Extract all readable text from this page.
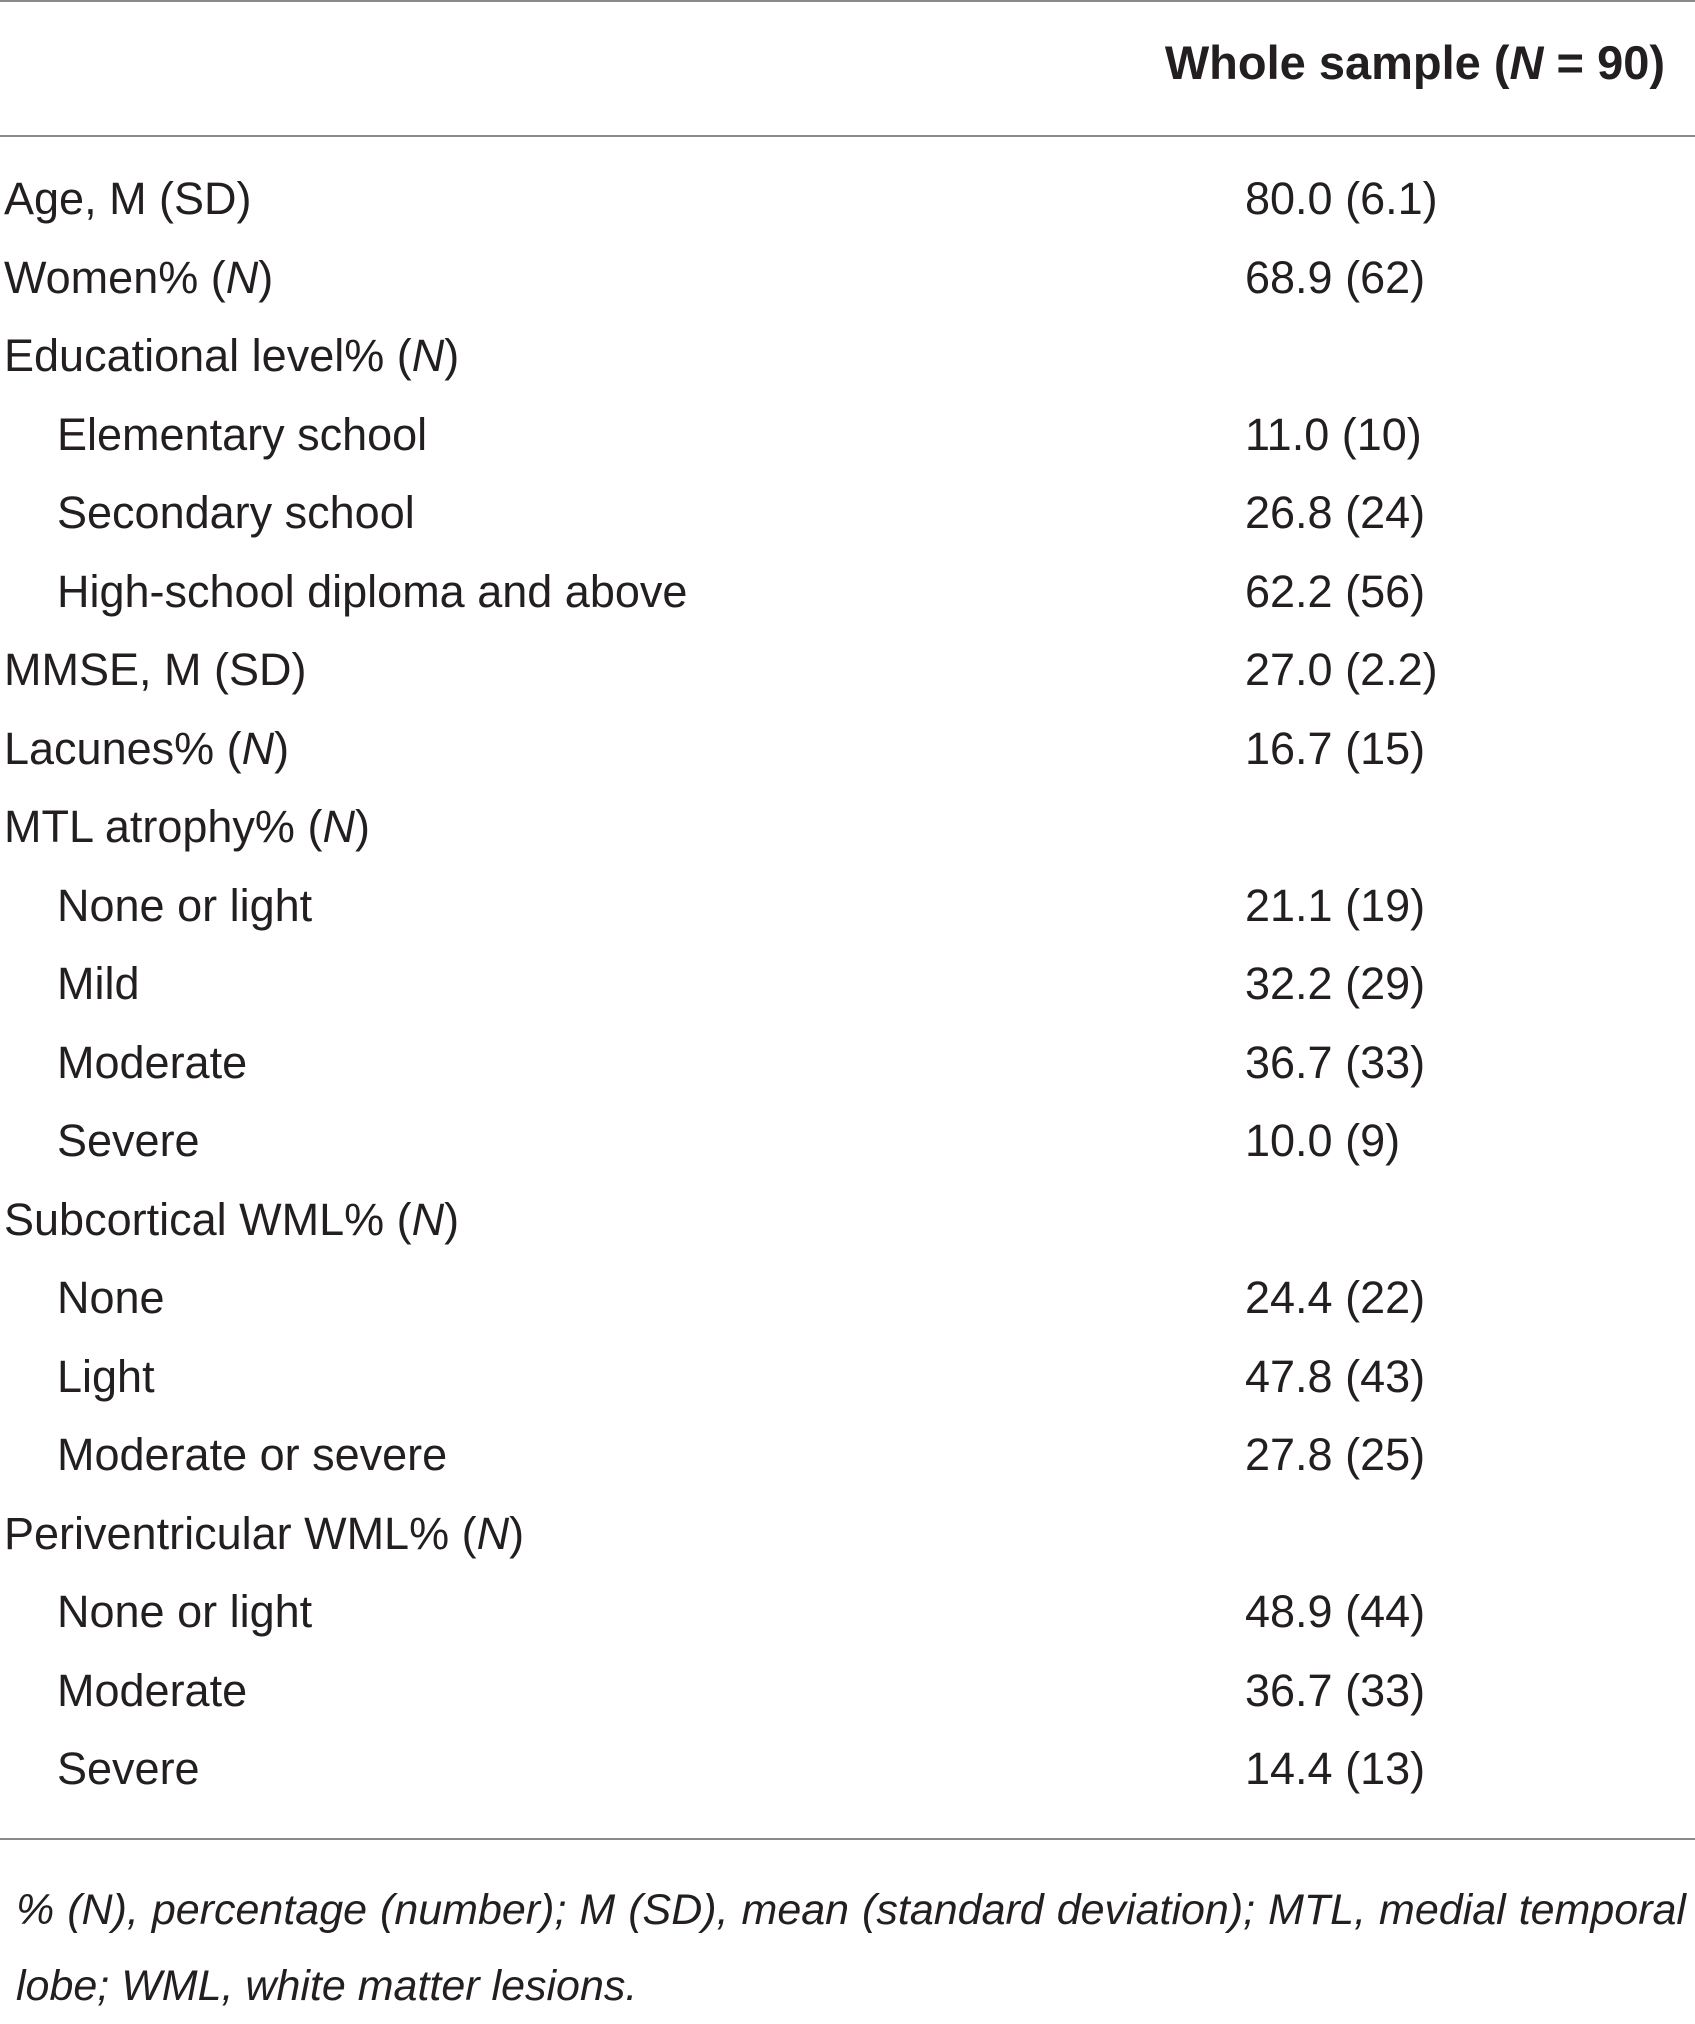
Whole sample (N = 90)
Age, M (SD)	80.0 (6.1)
Women% (N)	68.9 (62)
Educational level% (N)
Elementary school	11.0 (10)
Secondary school	26.8 (24)
High-school diploma and above	62.2 (56)
MMSE, M (SD)	27.0 (2.2)
Lacunes% (N)	16.7 (15)
MTL atrophy% (N)
None or light	21.1 (19)
Mild	32.2 (29)
Moderate	36.7 (33)
Severe	10.0 (9)
Subcortical WML% (N)
None	24.4 (22)
Light	47.8 (43)
Moderate or severe	27.8 (25)
Periventricular WML% (N)
None or light	48.9 (44)
Moderate	36.7 (33)
Severe	14.4 (13)
% (N), percentage (number); M (SD), mean (standard deviation); MTL, medial temporal lobe; WML, white matter lesions.
